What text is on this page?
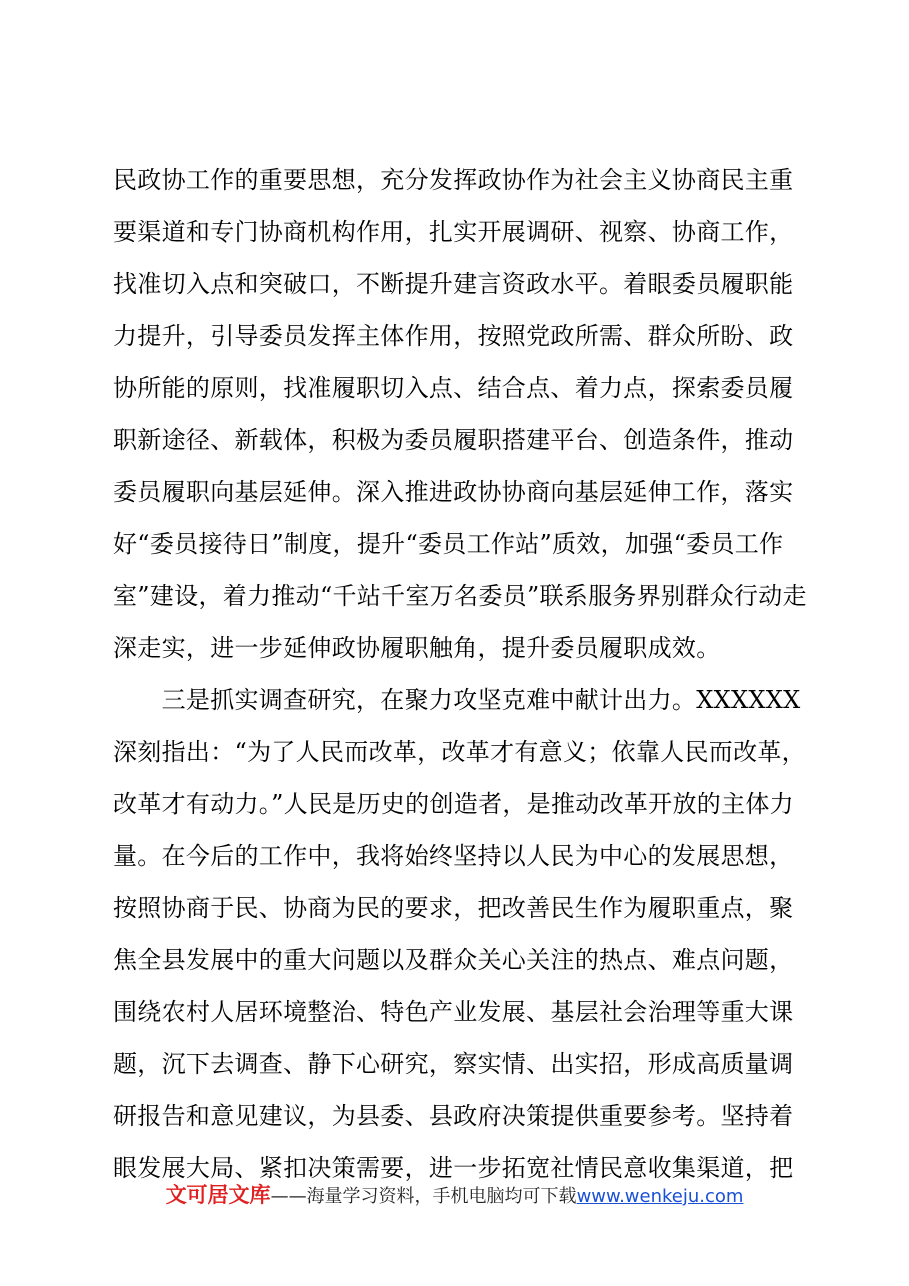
民政协工作的重要思想，充分发挥政协作为社会主义协商民主重
要渠道和专门协商机构作用，扎实开展调研、视察、协商工作，
找准切入点和突破口，不断提升建言资政水平。着眼委员履职能
力提升，引导委员发挥主体作用，按照党政所需、群众所盼、政
协所能的原则，找准履职切入点、结合点、着力点，探索委员履
职新途径、新载体，积极为委员履职搭建平台、创造条件，推动
委员履职向基层延伸。深入推进政协协商向基层延伸工作，落实
好“委员接待日”制度，提升“委员工作站”质效，加强“委员工作
室”建设，着力推动“千站千室万名委员”联系服务界别群众行动走
深走实，进一步延伸政协履职触角，提升委员履职成效。
　　三是抓实调查研究，在聚力攻坚克难中献计出力。XXXXXX
深刻指出：“为了人民而改革，改革才有意义；依靠人民而改革，
改革才有动力。”人民是历史的创造者，是推动改革开放的主体力
量。在今后的工作中，我将始终坚持以人民为中心的发展思想，
按照协商于民、协商为民的要求，把改善民生作为履职重点，聚
焦全县发展中的重大问题以及群众关心关注的热点、难点问题，
围绕农村人居环境整治、特色产业发展、基层社会治理等重大课
题，沉下去调查、静下心研究，察实情、出实招，形成高质量调
研报告和意见建议，为县委、县政府决策提供重要参考。坚持着
眼发展大局、紧扣决策需要，进一步拓宽社情民意收集渠道，把
文可居文库——海量学习资料，手机电脑均可下载www.wenkeju.com
